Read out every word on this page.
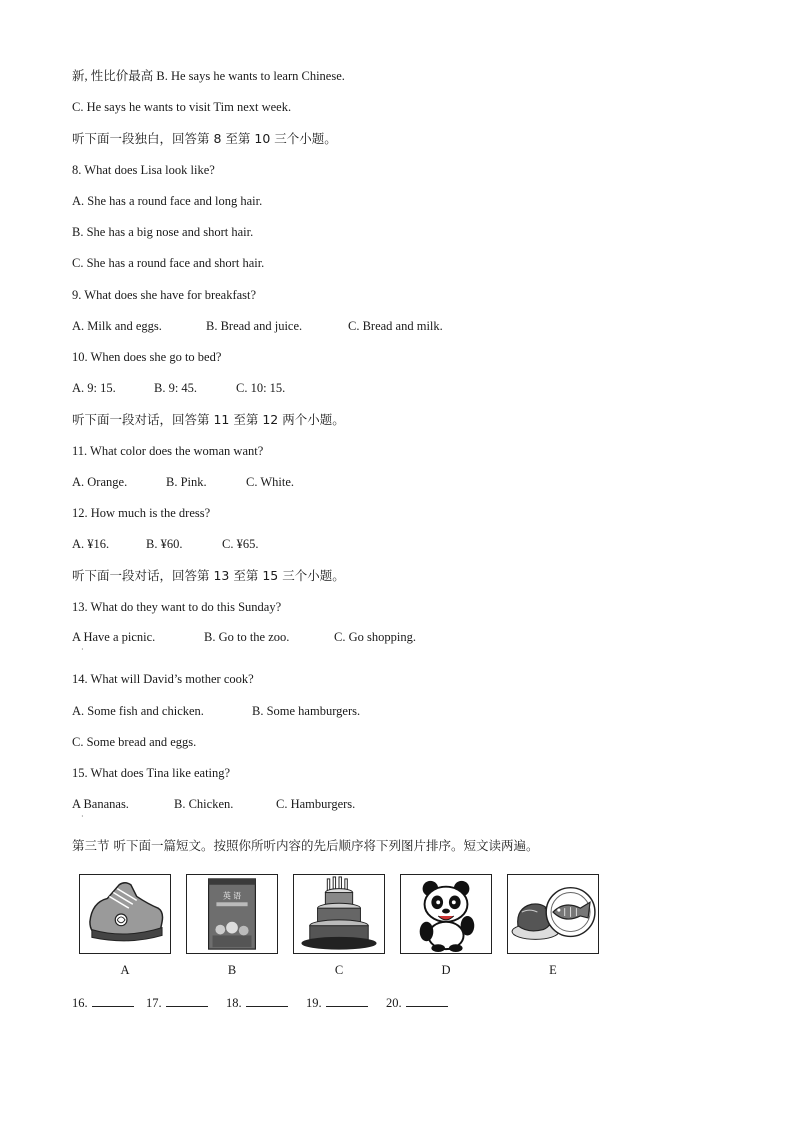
新, 性比价最高 B. He says he wants to learn Chinese.

C. He says he wants to visit Tim next week.

听下面一段独白，回答第 8 至第 10 三个小题。

8. What does Lisa look like?

A. She has a round face and long hair.

B. She has a big nose and short hair.

C. She has a round face and short hair.

9. What does she have for breakfast?

A. Milk and eggs.	B. Bread and juice.	C. Bread and milk.

10. When does she go to bed?

A. 9: 15.	B. 9: 45.	C. 10: 15.

听下面一段对话，回答第 11 至第 12 两个小题。

11. What color does the woman want?

A. Orange.	B. Pink.	C. White.

12. How much is the dress?

A. ¥16.	B. ¥60.	C. ¥65.

听下面一段对话，回答第 13 至第 15 三个小题。

13. What do they want to do this Sunday?

A Have a picnic.	B. Go to the zoo.	C. Go shopping.
·

14. What will David’s mother cook?

A. Some fish and chicken.	B. Some hamburgers.

C. Some bread and eggs.

15. What does Tina like eating?

A Bananas.	B. Chicken.	C. Hamburgers.
·

第三节 听下面一篇短文。按照你所听内容的先后顺序将下列图片排序。短文读两遍。

英 语
A	B	C	D	E
16.	17.	18.	19.	20.
